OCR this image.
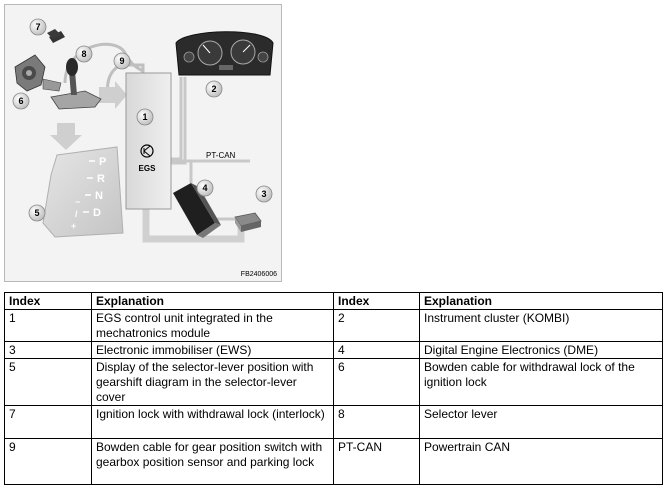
EGS
P
R
N
D
−
/
+
1
2
3
4
5
6
7
8
9
PT-CAN
FB2406006
Index	Explanation	Index	Explanation
1	EGS control unit integrated in the mechatronics module	2	Instrument cluster (KOMBI)
3	Electronic immobiliser (EWS)	4	Digital Engine Electronics (DME)
5	Display of the selector-lever position with gearshift diagram in the selector-lever cover	6	Bowden cable for withdrawal lock of the ignition lock
7	Ignition lock with withdrawal lock (interlock)	8	Selector lever
9	Bowden cable for gear position switch with gearbox position sensor and parking lock	PT-CAN	Powertrain CAN
